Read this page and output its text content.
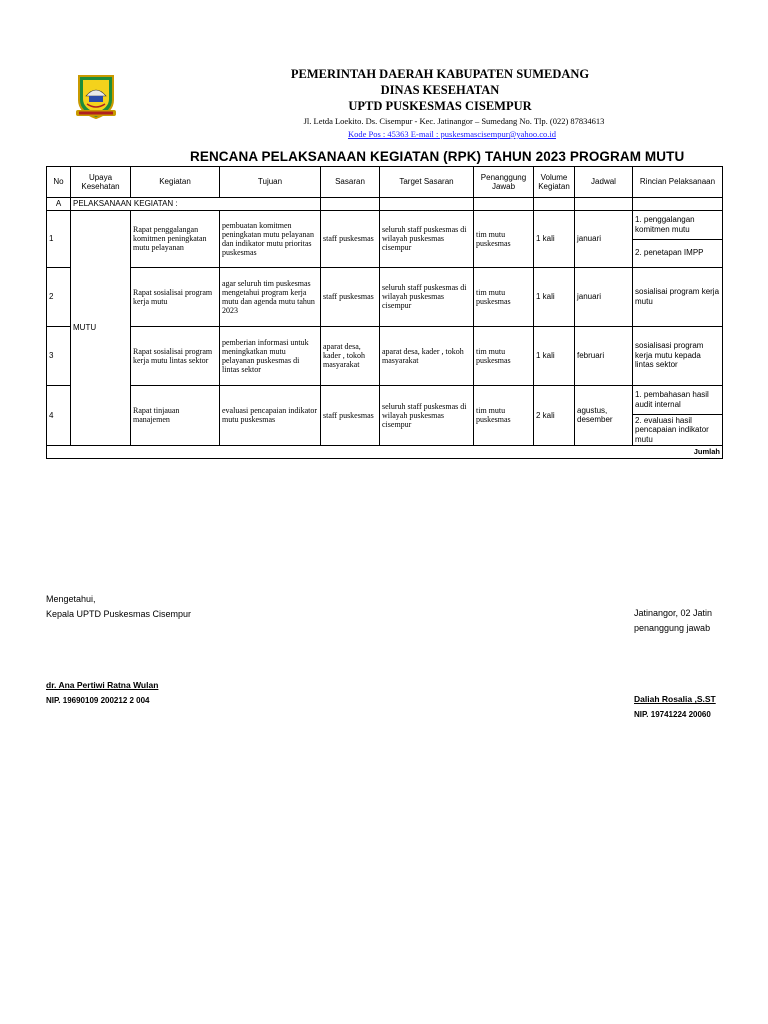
PEMERINTAH DAERAH KABUPATEN SUMEDANG
DINAS KESEHATAN
UPTD PUSKESMAS CISEMPUR
Jl. Letda Loekito. Ds. Cisempur - Kec. Jatinangor – Sumedang No. Tlp. (022) 87834613
Kode Pos : 45363 E-mail : puskesmascisempur@yahoo.co.id
RENCANA PELAKSANAAN KEGIATAN (RPK) TAHUN 2023 PROGRAM MUTU
No	Upaya Kesehatan	Kegiatan	Tujuan	Sasaran	Target Sasaran	Penanggung Jawab	Volume Kegiatan	Jadwal	Rincian Pelaksanaan
A	PELAKSANAAN KEGIATAN :								
1	MUTU	Rapat penggalangan komitmen peningkatan mutu pelayanan	pembuatan komitmen peningkatan mutu pelayanan dan indikator mutu prioritas puskesmas	staff puskesmas	seluruh staff puskesmas di wilayah puskesmas cisempur	tim mutu puskesmas	1 kali	januari	1. penggalangan komitmen mutu
									2. penetapan IMPP
2		Rapat sosialisai program kerja mutu	agar seluruh tim puskesmas mengetahui program kerja mutu dan agenda mutu tahun 2023	staff puskesmas	seluruh staff puskesmas di wilayah puskesmas cisempur	tim mutu puskesmas	1 kali	januari	sosialisai program kerja mutu

3		Rapat sosialisai program kerja mutu lintas sektor	pemberian informasi untuk meningkatkan mutu pelayanan puskesmas di lintas sektor	aparat desa, kader , tokoh masyarakat	aparat desa, kader , tokoh masyarakat	tim mutu puskesmas	1 kali	februari	sosialisasi program kerja mutu kepada lintas sektor

4		Rapat tinjauan manajemen	evaluasi pencapaian indikator mutu puskesmas	staff puskesmas	seluruh staff puskesmas di wilayah puskesmas cisempur	tim mutu puskesmas	2 kali	agustus, desember	1. pembahasan hasil audit internal
									2. evaluasi hasil pencapaian indikator mutu
Jumlah									
Mengetahui,
Kepala UPTD Puskesmas Cisempur
dr. Ana Pertiwi Ratna Wulan
NIP. 19690109 200212 2 004
Jatinangor, 02 Jatin
penanggung jawab
Daliah Rosalia ,S.ST
NIP. 19741224 20060
